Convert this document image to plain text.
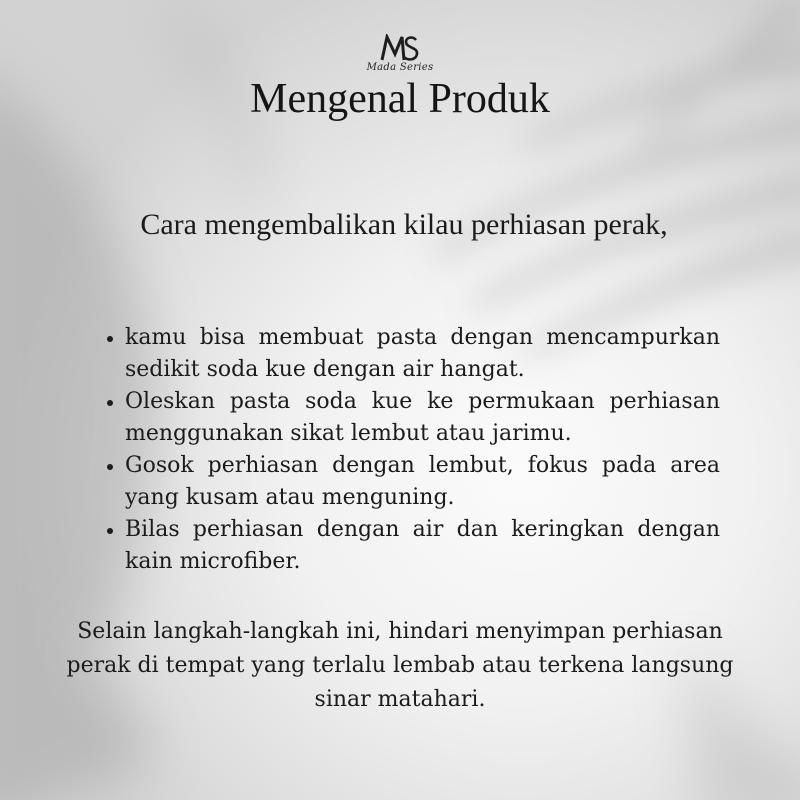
Mada Series
Mengenal Produk
Cara mengembalikan kilau perhiasan perak,
kamu bisa membuat pasta dengan mencampurkan sedikit soda kue dengan air hangat.
Oleskan pasta soda kue ke permukaan perhiasan menggunakan sikat lembut atau jarimu.
Gosok perhiasan dengan lembut, fokus pada area yang kusam atau menguning.
Bilas perhiasan dengan air dan keringkan dengan kain microfiber.
Selain langkah-langkah ini, hindari menyimpan perhiasan perak di tempat yang terlalu lembab atau terkena langsung sinar matahari.
